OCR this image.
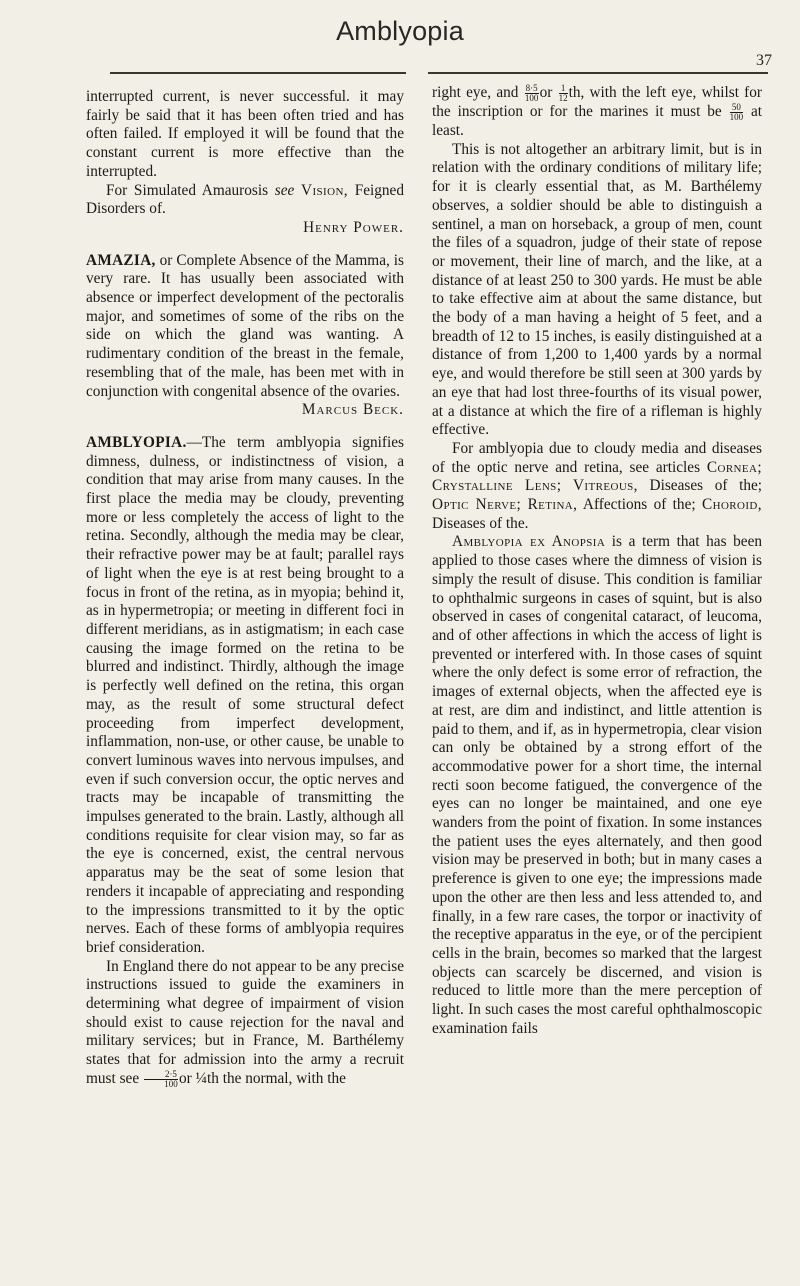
Amblyopia
37

interrupted current, is never successful. it may fairly be said that it has been often tried and has often failed. If employed it will be found that the constant current is more effective than the interrupted.

For Simulated Amaurosis see Vision, Feigned Disorders of.

Henry Power.

AMAZIA, or Complete Absence of the Mamma, is very rare. It has usually been associated with absence or imperfect development of the pectoralis major, and sometimes of some of the ribs on the side on which the gland was wanting. A rudimentary condition of the breast in the female, resembling that of the male, has been met with in conjunction with congenital absence of the ovaries.

Marcus Beck.

AMBLYOPIA.—The term amblyopia signifies dimness, dulness, or indistinctness of vision, a condition that may arise from many causes. In the first place the media may be cloudy, preventing more or less completely the access of light to the retina. Secondly, although the media may be clear, their refractive power may be at fault; parallel rays of light when the eye is at rest being brought to a focus in front of the retina, as in myopia; behind it, as in hypermetropia; or meeting in different foci in different meridians, as in astigmatism; in each case causing the image formed on the retina to be blurred and indistinct. Thirdly, although the image is perfectly well defined on the retina, this organ may, as the result of some structural defect proceeding from imperfect development, inflammation, non-use, or other cause, be unable to convert luminous waves into nervous impulses, and even if such conversion occur, the optic nerves and tracts may be incapable of transmitting the impulses generated to the brain. Lastly, although all conditions requisite for clear vision may, so far as the eye is concerned, exist, the central nervous apparatus may be the seat of some lesion that renders it incapable of appreciating and responding to the impressions transmitted to it by the optic nerves. Each of these forms of amblyopia requires brief consideration.

In England there do not appear to be any precise instructions issued to guide the examiners in determining what degree of impairment of vision should exist to cause rejection for the naval and military services; but in France, M. Barthélemy states that for admission into the army a recruit must see $\frac{2\cdot 5}{100}$ or ¼th the normal, with the

right eye, and $\frac{8\cdot 5}{100}$ or $\frac{1}{12}$ th, with the left eye, whilst for the inscription or for the marines it must be $\frac{50}{100}$ at least.

This is not altogether an arbitrary limit, but is in relation with the ordinary conditions of military life; for it is clearly essential that, as M. Barthélemy observes, a soldier should be able to distinguish a sentinel, a man on horseback, a group of men, count the files of a squadron, judge of their state of repose or movement, their line of march, and the like, at a distance of at least 250 to 300 yards. He must be able to take effective aim at about the same distance, but the body of a man having a height of 5 feet, and a breadth of 12 to 15 inches, is easily distinguished at a distance of from 1,200 to 1,400 yards by a normal eye, and would therefore be still seen at 300 yards by an eye that had lost three-fourths of its visual power, at a distance at which the fire of a rifleman is highly effective.

For amblyopia due to cloudy media and diseases of the optic nerve and retina, see articles Cornea; Crystalline Lens; Vitreous, Diseases of the; Optic Nerve; Retina, Affections of the; Choroid, Diseases of the.

Amblyopia ex Anopsia is a term that has been applied to those cases where the dimness of vision is simply the result of disuse. This condition is familiar to ophthalmic surgeons in cases of squint, but is also observed in cases of congenital cataract, of leucoma, and of other affections in which the access of light is prevented or interfered with. In those cases of squint where the only defect is some error of refraction, the images of external objects, when the affected eye is at rest, are dim and indistinct, and little attention is paid to them, and if, as in hypermetropia, clear vision can only be obtained by a strong effort of the accommodative power for a short time, the internal recti soon become fatigued, the convergence of the eyes can no longer be maintained, and one eye wanders from the point of fixation. In some instances the patient uses the eyes alternately, and then good vision may be preserved in both; but in many cases a preference is given to one eye; the impressions made upon the other are then less and less attended to, and finally, in a few rare cases, the torpor or inactivity of the receptive apparatus in the eye, or of the percipient cells in the brain, becomes so marked that the largest objects can scarcely be discerned, and vision is reduced to little more than the mere perception of light. In such cases the most careful ophthalmoscopic examination fails
